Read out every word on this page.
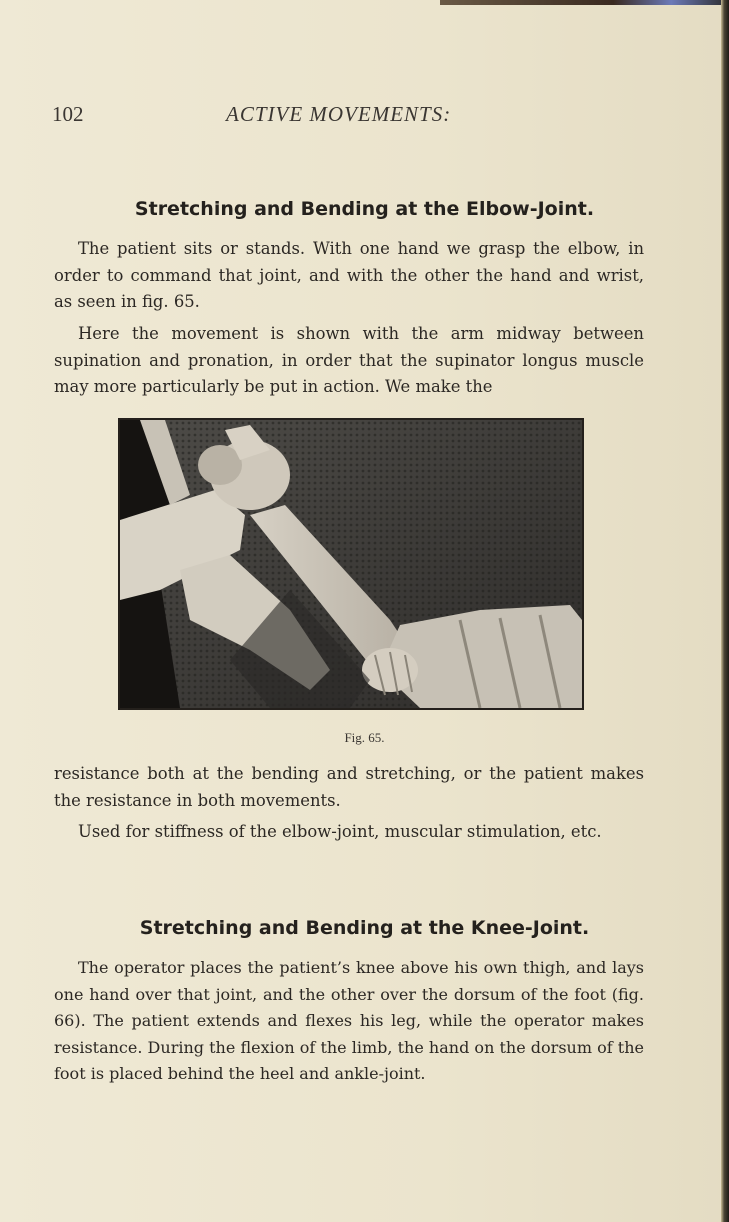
102	ACTIVE MOVEMENTS:
Stretching and Bending at the Elbow-Joint.

The patient sits or stands. With one hand we grasp the elbow, in order to command that joint, and with the other the hand and wrist, as seen in fig. 65.

Here the movement is shown with the arm midway between supination and pronation, in order that the supinator longus muscle may more particularly be put in action. We make the

Fig. 65.

resistance both at the bending and stretching, or the patient makes the resistance in both movements.

Used for stiffness of the elbow-joint, muscular stimulation, etc.

Stretching and Bending at the Knee-Joint.

The operator places the patient’s knee above his own thigh, and lays one hand over that joint, and the other over the dorsum of the foot (fig. 66). The patient extends and flexes his leg, while the operator makes resistance. During the flexion of the limb, the hand on the dorsum of the foot is placed behind the heel and ankle-joint.
